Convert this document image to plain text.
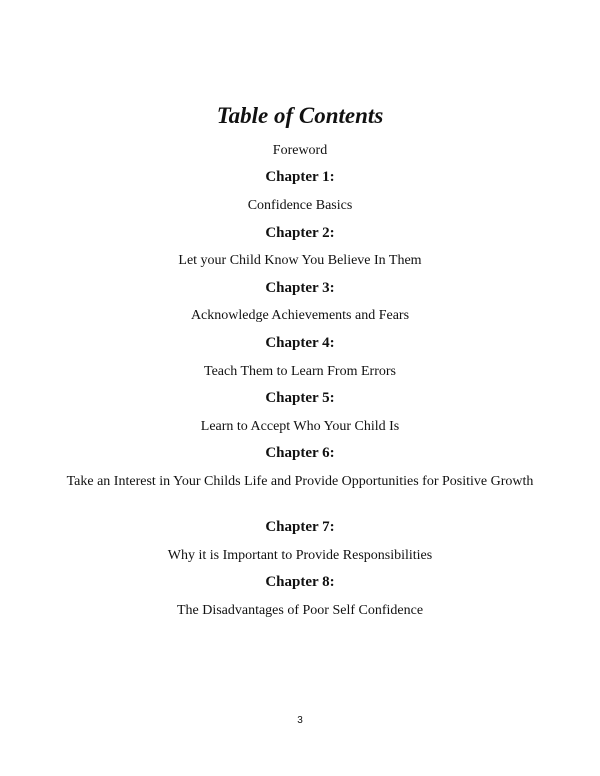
Table of Contents

Foreword

Chapter 1:

Confidence Basics

Chapter 2:

Let your Child Know You Believe In Them

Chapter 3:

Acknowledge Achievements and Fears

Chapter 4:

Teach Them to Learn From Errors

Chapter 5:

Learn to Accept Who Your Child Is

Chapter 6:

Take an Interest in Your Childs Life and Provide Opportunities for Positive Growth

Chapter 7:

Why it is Important to Provide Responsibilities

Chapter 8:

The Disadvantages of Poor Self Confidence

3
